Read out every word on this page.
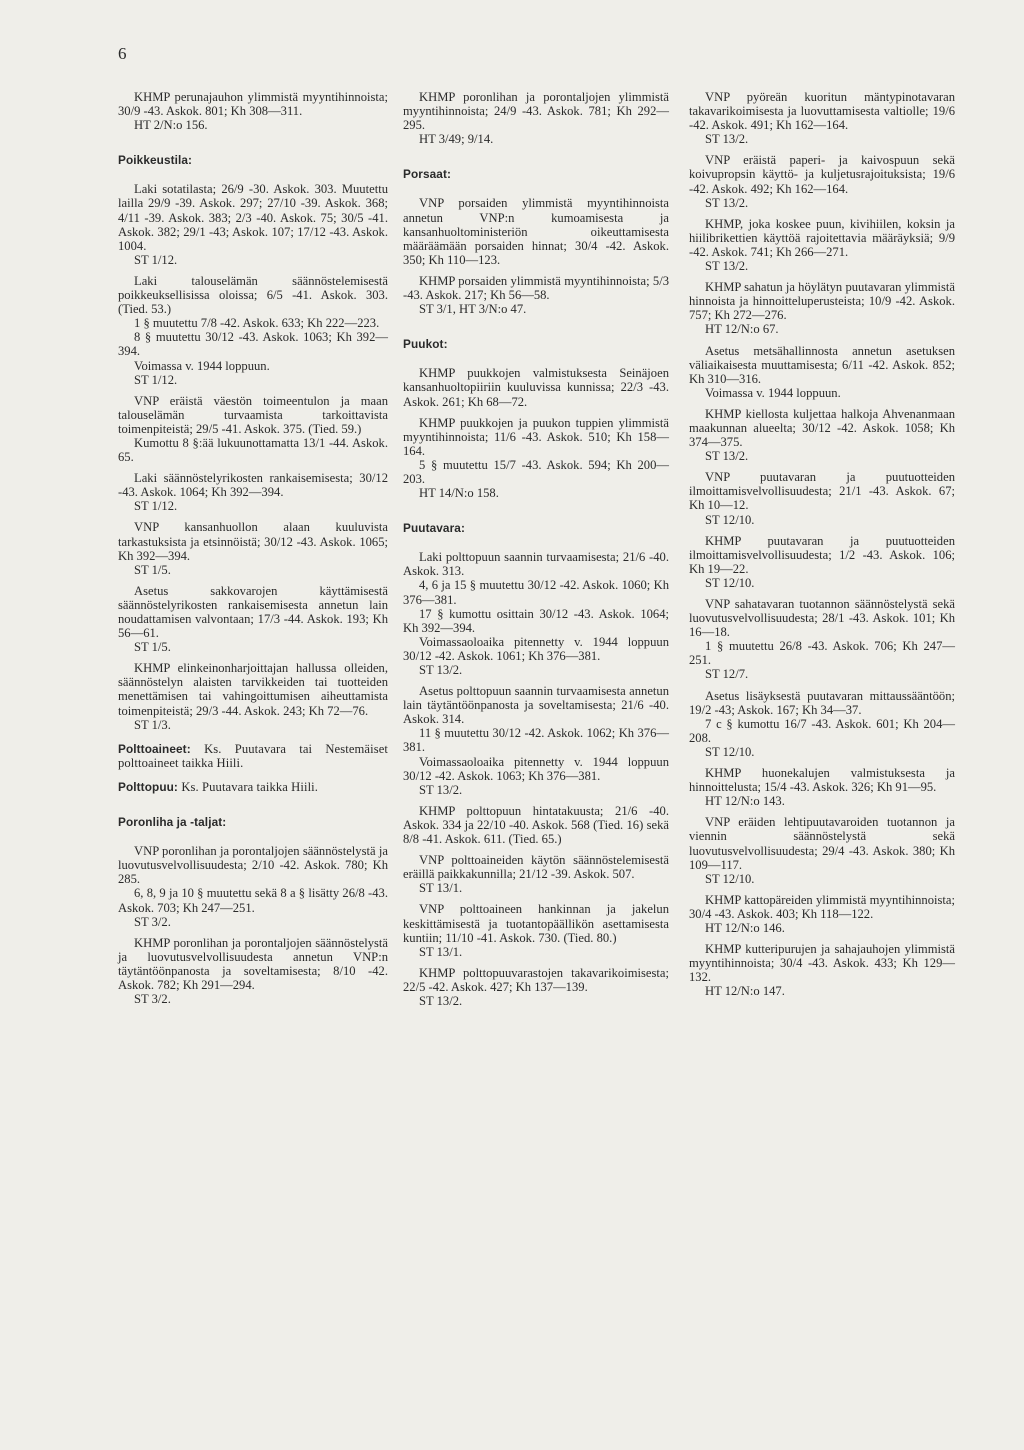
6
KHMP perunajauhon ylimmistä myyntihinnoista; 30/9 -43. Askok. 801; Kh 308—311.
HT 2/N:o 156.
Poikkeustila:
Laki sotatilasta; 26/9 -30. Askok. 303. Muutettu lailla 29/9 -39. Askok. 297; 27/10 -39. Askok. 368; 4/11 -39. Askok. 383; 2/3 -40. Askok. 75; 30/5 -41. Askok. 382; 29/1 -43; Askok. 107; 17/12 -43. Askok. 1004.
ST 1/12.
Laki talouselämän säännöstelemisestä poikkeuksellisissa oloissa; 6/5 -41. Askok. 303. (Tied. 53.)
1 § muutettu 7/8 -42. Askok. 633; Kh 222—223.
8 § muutettu 30/12 -43. Askok. 1063; Kh 392—394.
Voimassa v. 1944 loppuun.
ST 1/12.
VNP eräistä väestön toimeentulon ja maan talouselämän turvaamista tarkoittavista toimenpiteistä; 29/5 -41. Askok. 375. (Tied. 59.)
Kumottu 8 §:ää lukuunottamatta 13/1 -44. Askok. 65.
Laki säännöstelyrikosten rankaisemisesta; 30/12 -43. Askok. 1064; Kh 392—394.
ST 1/12.
VNP kansanhuollon alaan kuuluvista tarkastuksista ja etsinnöistä; 30/12 -43. Askok. 1065; Kh 392—394.
ST 1/5.
Asetus sakkovarojen käyttämisestä säännöstelyrikosten rankaisemisesta annetun lain noudattamisen valvontaan; 17/3 -44. Askok. 193; Kh 56—61.
ST 1/5.
KHMP elinkeinonharjoittajan hallussa olleiden, säännöstelyn alaisten tarvikkeiden tai tuotteiden menettämisen tai vahingoittumisen aiheuttamista toimenpiteistä; 29/3 -44. Askok. 243; Kh 72—76.
ST 1/3.
Polttoaineet: Ks. Puutavara tai Nestemäiset polttoaineet taikka Hiili.
Polttopuu: Ks. Puutavara taikka Hiili.
Poronliha ja -taljat:
VNP poronlihan ja porontaljojen säännöstelystä ja luovutusvelvollisuudesta; 2/10 -42. Askok. 780; Kh 285.
6, 8, 9 ja 10 § muutettu sekä 8 a § lisätty 26/8 -43. Askok. 703; Kh 247—251.
ST 3/2.
KHMP poronlihan ja porontaljojen säännöstelystä ja luovutusvelvollisuudesta annetun VNP:n täytäntöönpanosta ja soveltamisesta; 8/10 -42. Askok. 782; Kh 291—294.
ST 3/2.
KHMP poronlihan ja porontaljojen ylimmistä myyntihinnoista; 24/9 -43. Askok. 781; Kh 292—295.
HT 3/49; 9/14.
Porsaat:
VNP porsaiden ylimmistä myyntihinnoista annetun VNP:n kumoamisesta ja kansanhuoltoministeriön oikeuttamisesta määräämään porsaiden hinnat; 30/4 -42. Askok. 350; Kh 110—123.
KHMP porsaiden ylimmistä myyntihinnoista; 5/3 -43. Askok. 217; Kh 56—58.
ST 3/1, HT 3/N:o 47.
Puukot:
KHMP puukkojen valmistuksesta Seinäjoen kansanhuoltopiiriin kuuluvissa kunnissa; 22/3 -43. Askok. 261; Kh 68—72.
KHMP puukkojen ja puukon tuppien ylimmistä myyntihinnoista; 11/6 -43. Askok. 510; Kh 158—164.
5 § muutettu 15/7 -43. Askok. 594; Kh 200—203.
HT 14/N:o 158.
Puutavara:
Laki polttopuun saannin turvaamisesta; 21/6 -40. Askok. 313.
4, 6 ja 15 § muutettu 30/12 -42. Askok. 1060; Kh 376—381.
17 § kumottu osittain 30/12 -43. Askok. 1064; Kh 392—394.
Voimassaoloaika pitennetty v. 1944 loppuun 30/12 -42. Askok. 1061; Kh 376—381.
ST 13/2.
Asetus polttopuun saannin turvaamisesta annetun lain täytäntöönpanosta ja soveltamisesta; 21/6 -40. Askok. 314.
11 § muutettu 30/12 -42. Askok. 1062; Kh 376—381.
Voimassaoloaika pitennetty v. 1944 loppuun 30/12 -42. Askok. 1063; Kh 376—381.
ST 13/2.
KHMP polttopuun hintatakuusta; 21/6 -40. Askok. 334 ja 22/10 -40. Askok. 568 (Tied. 16) sekä 8/8 -41. Askok. 611. (Tied. 65.)
VNP polttoaineiden käytön säännöstelemisestä eräillä paikkakunnilla; 21/12 -39. Askok. 507.
ST 13/1.
VNP polttoaineen hankinnan ja jakelun keskittämisestä ja tuotantopäällikön asettamisesta kuntiin; 11/10 -41. Askok. 730. (Tied. 80.)
ST 13/1.
KHMP polttopuuvarastojen takavarikoimisesta; 22/5 -42. Askok. 427; Kh 137—139.
ST 13/2.
VNP pyöreän kuoritun mäntypinotavaran takavarikoimisesta ja luovuttamisesta valtiolle; 19/6 -42. Askok. 491; Kh 162—164.
ST 13/2.
VNP eräistä paperi- ja kaivospuun sekä koivupropsin käyttö- ja kuljetusrajoituksista; 19/6 -42. Askok. 492; Kh 162—164.
ST 13/2.
KHMP, joka koskee puun, kivihiilen, koksin ja hiilibrikettien käyttöä rajoitettavia määräyksiä; 9/9 -42. Askok. 741; Kh 266—271.
ST 13/2.
KHMP sahatun ja höylätyn puutavaran ylimmistä hinnoista ja hinnoitteluperusteista; 10/9 -42. Askok. 757; Kh 272—276.
HT 12/N:o 67.
Asetus metsähallinnosta annetun asetuksen väliaikaisesta muuttamisesta; 6/11 -42. Askok. 852; Kh 310—316.
Voimassa v. 1944 loppuun.
KHMP kiellosta kuljettaa halkoja Ahvenanmaan maakunnan alueelta; 30/12 -42. Askok. 1058; Kh 374—375.
ST 13/2.
VNP puutavaran ja puutuotteiden ilmoittamisvelvollisuudesta; 21/1 -43. Askok. 67; Kh 10—12.
ST 12/10.
KHMP puutavaran ja puutuotteiden ilmoittamisvelvollisuudesta; 1/2 -43. Askok. 106; Kh 19—22.
ST 12/10.
VNP sahatavaran tuotannon säännöstelystä sekä luovutusvelvollisuudesta; 28/1 -43. Askok. 101; Kh 16—18.
1 § muutettu 26/8 -43. Askok. 706; Kh 247—251.
ST 12/7.
Asetus lisäyksestä puutavaran mittaussääntöön; 19/2 -43; Askok. 167; Kh 34—37.
7 c § kumottu 16/7 -43. Askok. 601; Kh 204—208.
ST 12/10.
KHMP huonekalujen valmistuksesta ja hinnoittelusta; 15/4 -43. Askok. 326; Kh 91—95.
HT 12/N:o 143.
VNP eräiden lehtipuutavaroiden tuotannon ja viennin säännöstelystä sekä luovutusvelvollisuudesta; 29/4 -43. Askok. 380; Kh 109—117.
ST 12/10.
KHMP kattopäreiden ylimmistä myyntihinnoista; 30/4 -43. Askok. 403; Kh 118—122.
HT 12/N:o 146.
KHMP kutteripurujen ja sahajauhojen ylimmistä myyntihinnoista; 30/4 -43. Askok. 433; Kh 129—132.
HT 12/N:o 147.
